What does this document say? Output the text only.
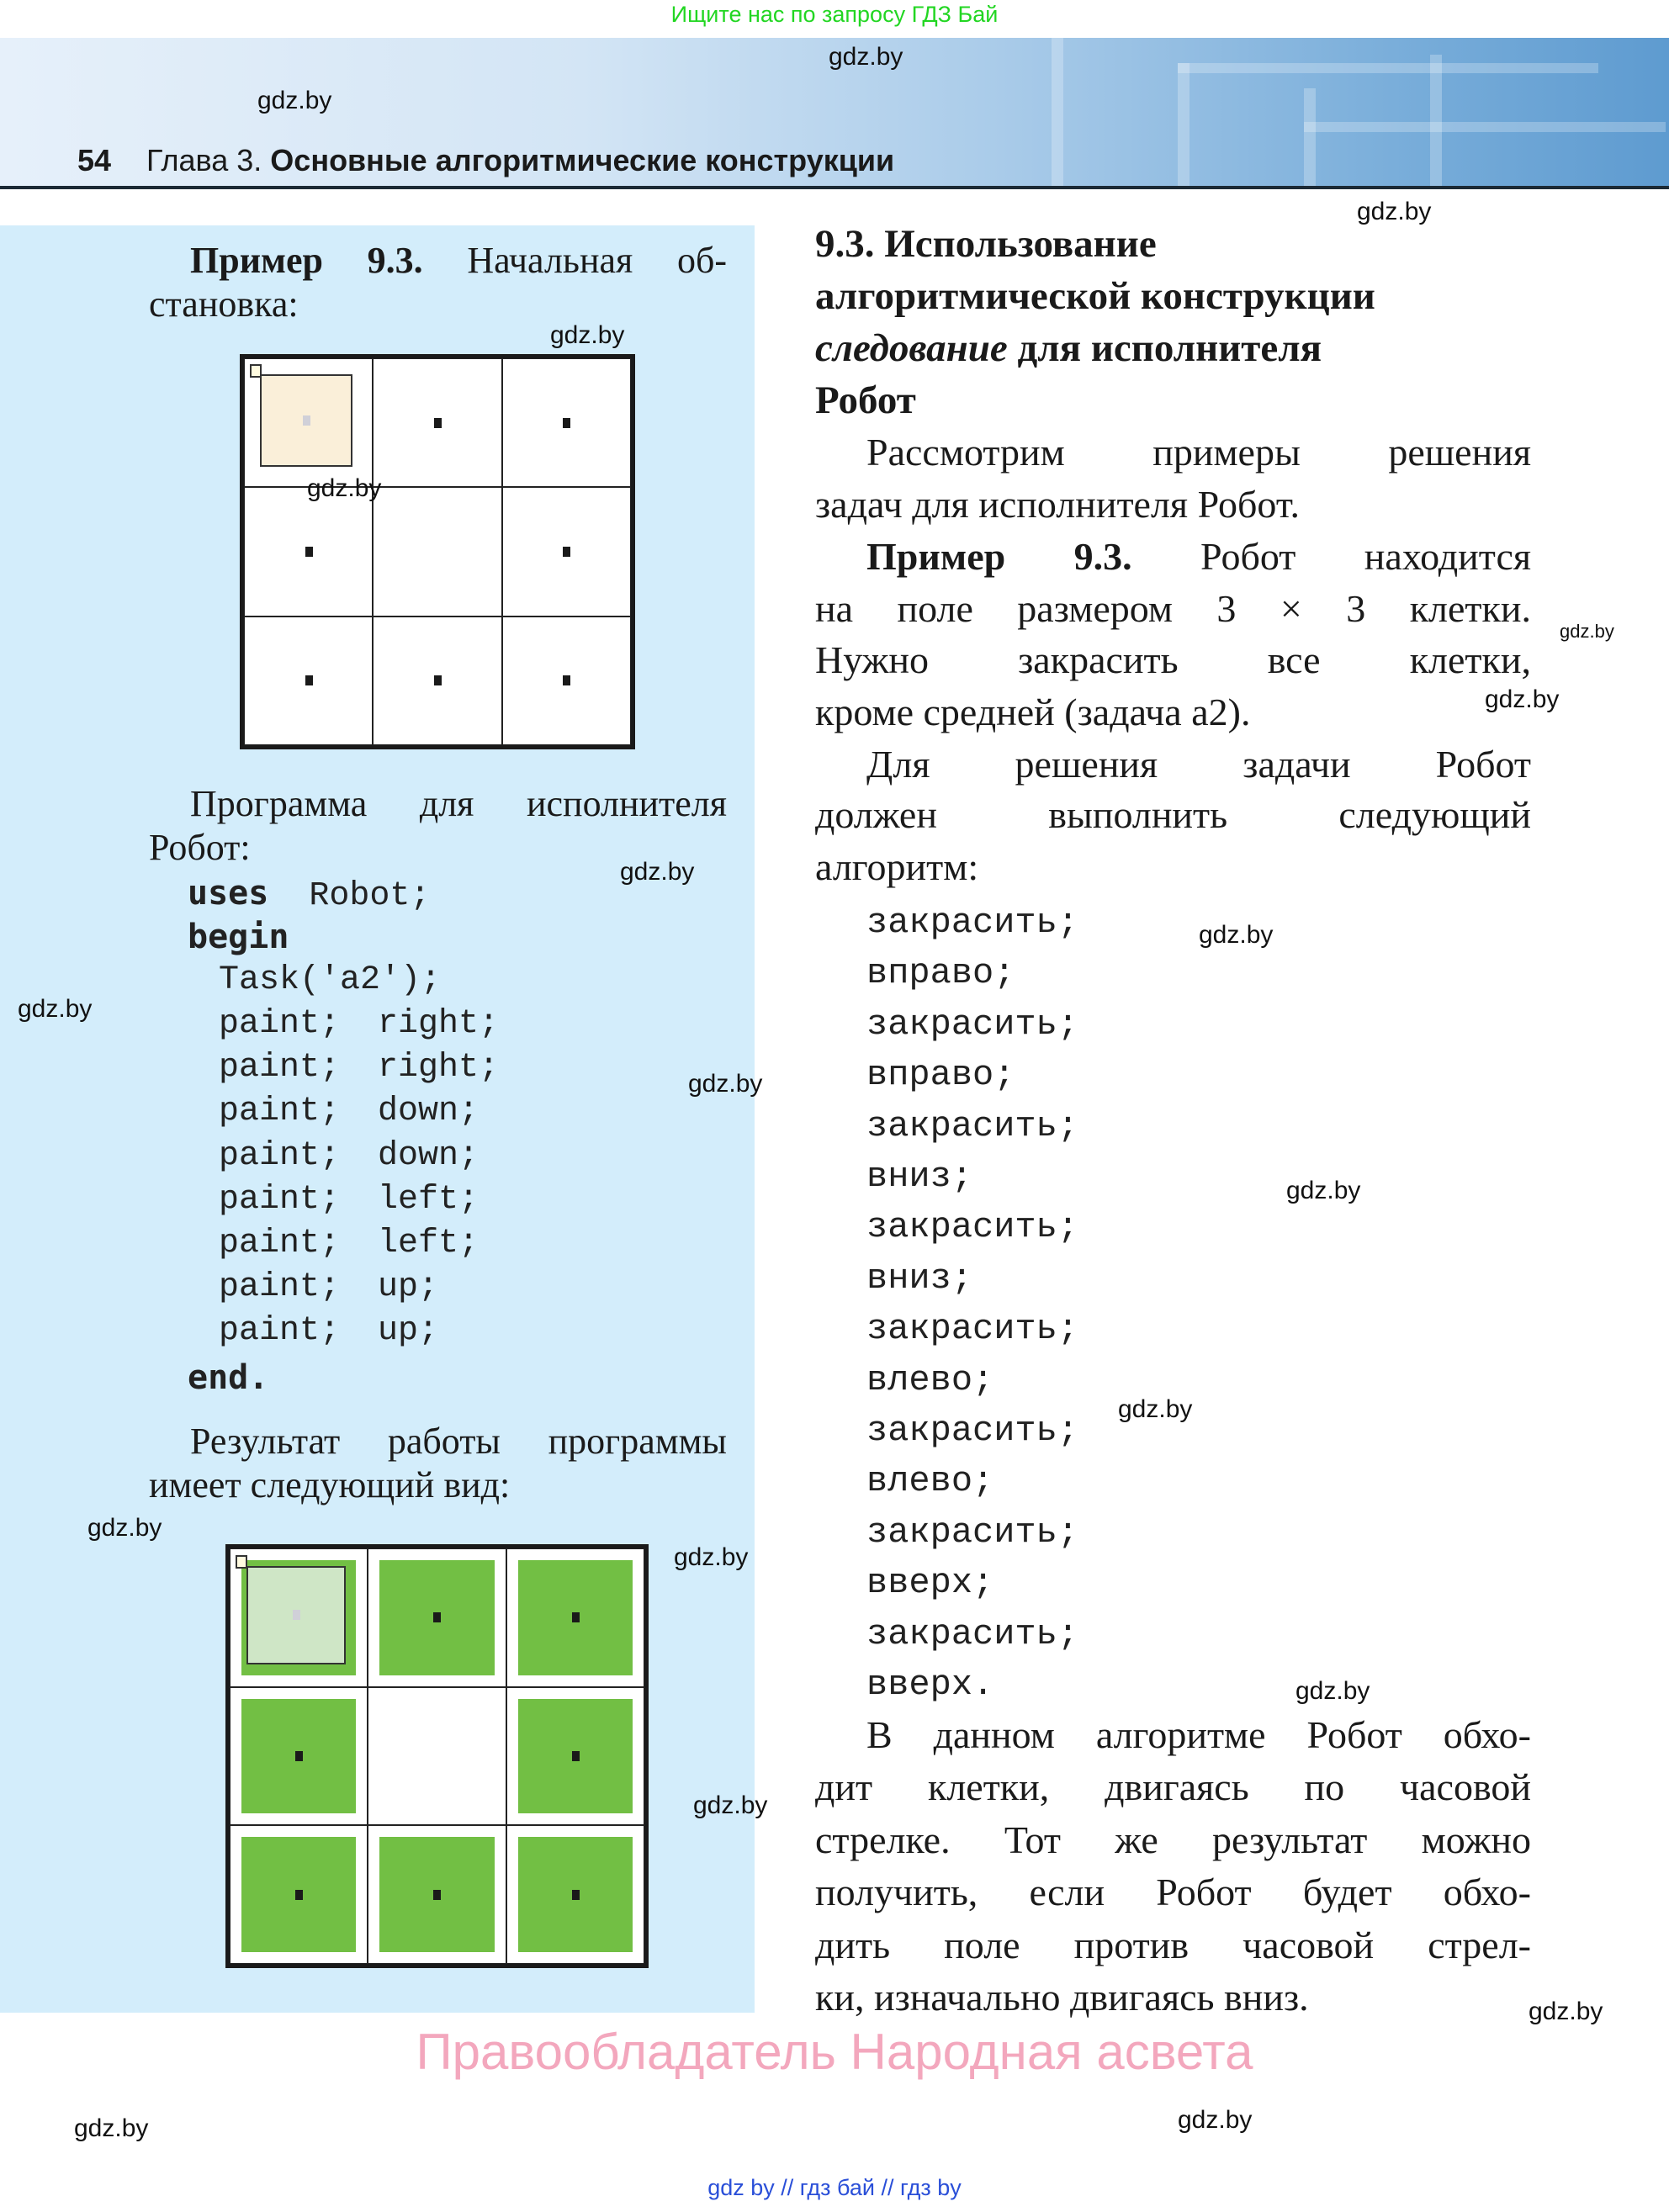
Ищите нас по запросу ГДЗ Бай
54 Глава 3. Основные алгоритмические конструкции
Пример 9.3. Начальная об-
становка:
Программа для исполнителя
Робот:
uses Robot;
begin
Task('a2');
paint; right;
paint; right;
paint; down;
paint; down;
paint; left;
paint; left;
paint; up;
paint; up;
end.
Результат работы программы
имеет следующий вид:
9.3. Использование
алгоритмической конструкции
следование для исполнителя
Робот
Рассмотрим примеры решения
задач для исполнителя Робот.
Пример 9.3. Робот находится
на поле размером 3 × 3 клетки.
Нужно закрасить все клетки,
кроме средней (задача a2).
Для решения задачи Робот
должен выполнить следующий
алгоритм:
закрасить;
вправо;
закрасить;
вправо;
закрасить;
вниз;
закрасить;
вниз;
закрасить;
влево;
закрасить;
влево;
закрасить;
вверх;
закрасить;
вверх.
В данном алгоритме Робот обхо-
дит клетки, двигаясь по часовой
стрелке. Тот же результат можно
получить, если Робот будет обхо-
дить поле против часовой стрел-
ки, изначально двигаясь вниз.
Правообладатель Народная асвета
gdz by // гдз бай // гдз by
gdz.by
gdz.by
gdz.by
gdz.by
gdz.by
gdz.by
gdz.by
gdz.by
gdz.by
gdz.by
gdz.by
gdz.by
gdz.by
gdz.by
gdz.by
gdz.by
gdz.by
gdz.by
gdz.by
gdz.by
